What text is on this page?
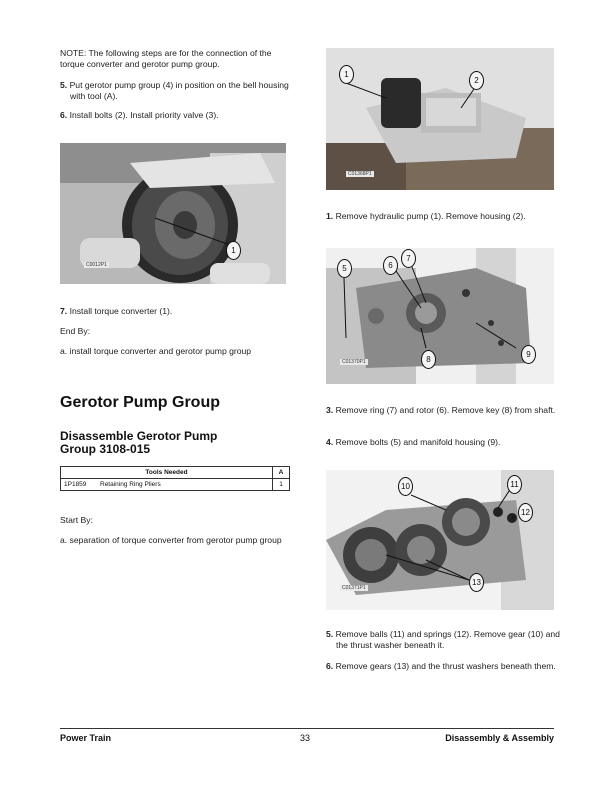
NOTE: The following steps are for the connection of the torque converter and gerotor pump group.
5. Put gerotor pump group (4) in position on the bell housing with tool (A).
6. Install bolts (2). Install priority valve (3).
C0012P1
1
7. Install torque converter (1).
End By:
a. install torque converter and gerotor pump group
Gerotor Pump Group
Disassemble Gerotor Pump
Group 3108-015
Tools Needed		A
1P1859	Retaining Ring Pliers	1
Start By:
a. separation of torque converter from gerotor pump group
C01368P1
1
2
1. Remove hydraulic pump (1). Remove housing (2).
C01370P1
5	6
7
8
9
3. Remove ring (7) and rotor (6). Remove key (8) from shaft.
4. Remove bolts (5) and manifold housing (9).
C01371P1
10	11
12
13
5. Remove balls (11) and springs (12). Remove gear (10) and the thrust washer beneath it.
6. Remove gears (13) and the thrust washers beneath them.
Power Train	33	Disassembly & Assembly
